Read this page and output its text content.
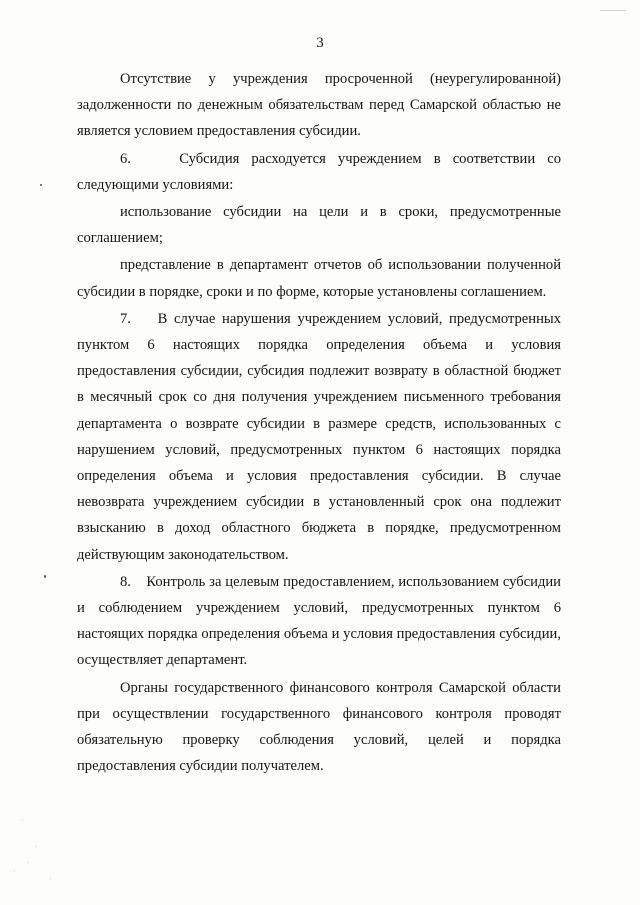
3

Отсутствие у учреждения просроченной (неурегулированной) задолженности по денежным обязательствам перед Самарской областью не является условием предоставления субсидии.

6.    Субсидия расходуется учреждением в соответствии со следующими условиями:

использование субсидии на цели и в сроки, предусмотренные соглашением;

представление в департамент отчетов об использовании полученной субсидии в порядке, сроки и по форме, которые установлены соглашением.

7.    В случае нарушения учреждением условий, предусмотренных пунктом 6 настоящих порядка определения объема и условия предоставления субсидии, субсидия подлежит возврату в областной бюджет в месячный срок со дня получения учреждением письменного требования департамента о возврате субсидии в размере средств, использованных с нарушением условий, предусмотренных пунктом 6 настоящих порядка определения объема и условия предоставления субсидии. В случае невозврата учреждением субсидии в установленный срок она подлежит взысканию в доход областного бюджета в порядке, предусмотренном действующим законодательством.

8.    Контроль за целевым предоставлением, использованием субсидии и соблюдением учреждением условий, предусмотренных пунктом 6 настоящих порядка определения объема и условия предоставления субсидии, осуществляет департамент.

Органы государственного финансового контроля Самарской области при осуществлении государственного финансового контроля проводят обязательную проверку соблюдения условий, целей и порядка предоставления субсидии получателем.
